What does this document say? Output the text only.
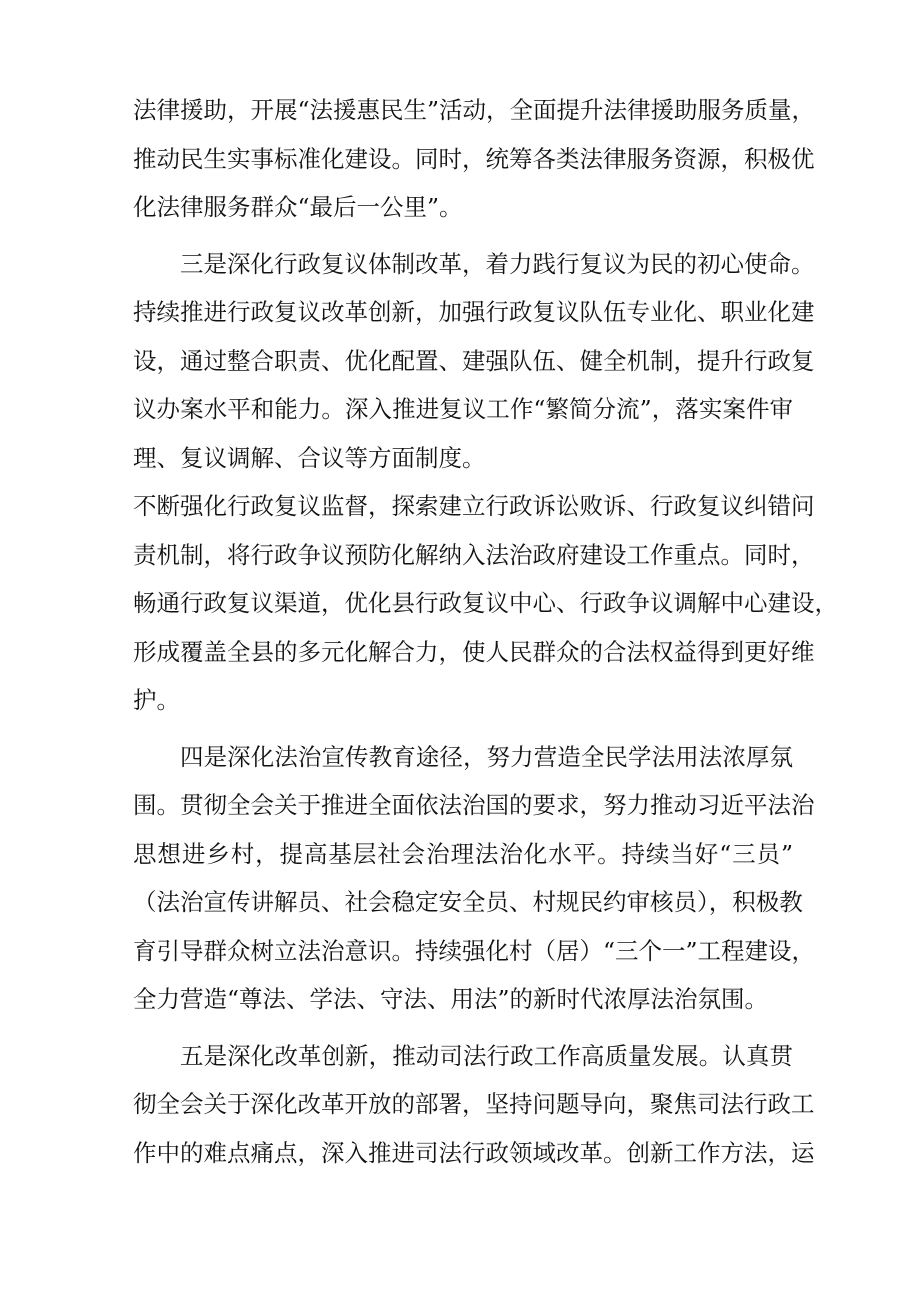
法律援助，开展“法援惠民生”活动，全面提升法律援助服务质量，
推动民生实事标准化建设。同时，统筹各类法律服务资源，积极优
化法律服务群众“最后一公里”。
三是深化行政复议体制改革，着力践行复议为民的初心使命。
持续推进行政复议改革创新，加强行政复议队伍专业化、职业化建
设，通过整合职责、优化配置、建强队伍、健全机制，提升行政复
议办案水平和能力。深入推进复议工作“繁简分流”，落实案件审
理、复议调解、合议等方面制度。
不断强化行政复议监督，探索建立行政诉讼败诉、行政复议纠错问
责机制，将行政争议预防化解纳入法治政府建设工作重点。同时，
畅通行政复议渠道，优化县行政复议中心、行政争议调解中心建设，
形成覆盖全县的多元化解合力，使人民群众的合法权益得到更好维
护。
四是深化法治宣传教育途径，努力营造全民学法用法浓厚氛
围。贯彻全会关于推进全面依法治国的要求，努力推动习近平法治
思想进乡村，提高基层社会治理法治化水平。持续当好“三员”
（法治宣传讲解员、社会稳定安全员、村规民约审核员），积极教
育引导群众树立法治意识。持续强化村（居）“三个一”工程建设，
全力营造“尊法、学法、守法、用法”的新时代浓厚法治氛围。
五是深化改革创新，推动司法行政工作高质量发展。认真贯
彻全会关于深化改革开放的部署，坚持问题导向，聚焦司法行政工
作中的难点痛点，深入推进司法行政领域改革。创新工作方法，运
